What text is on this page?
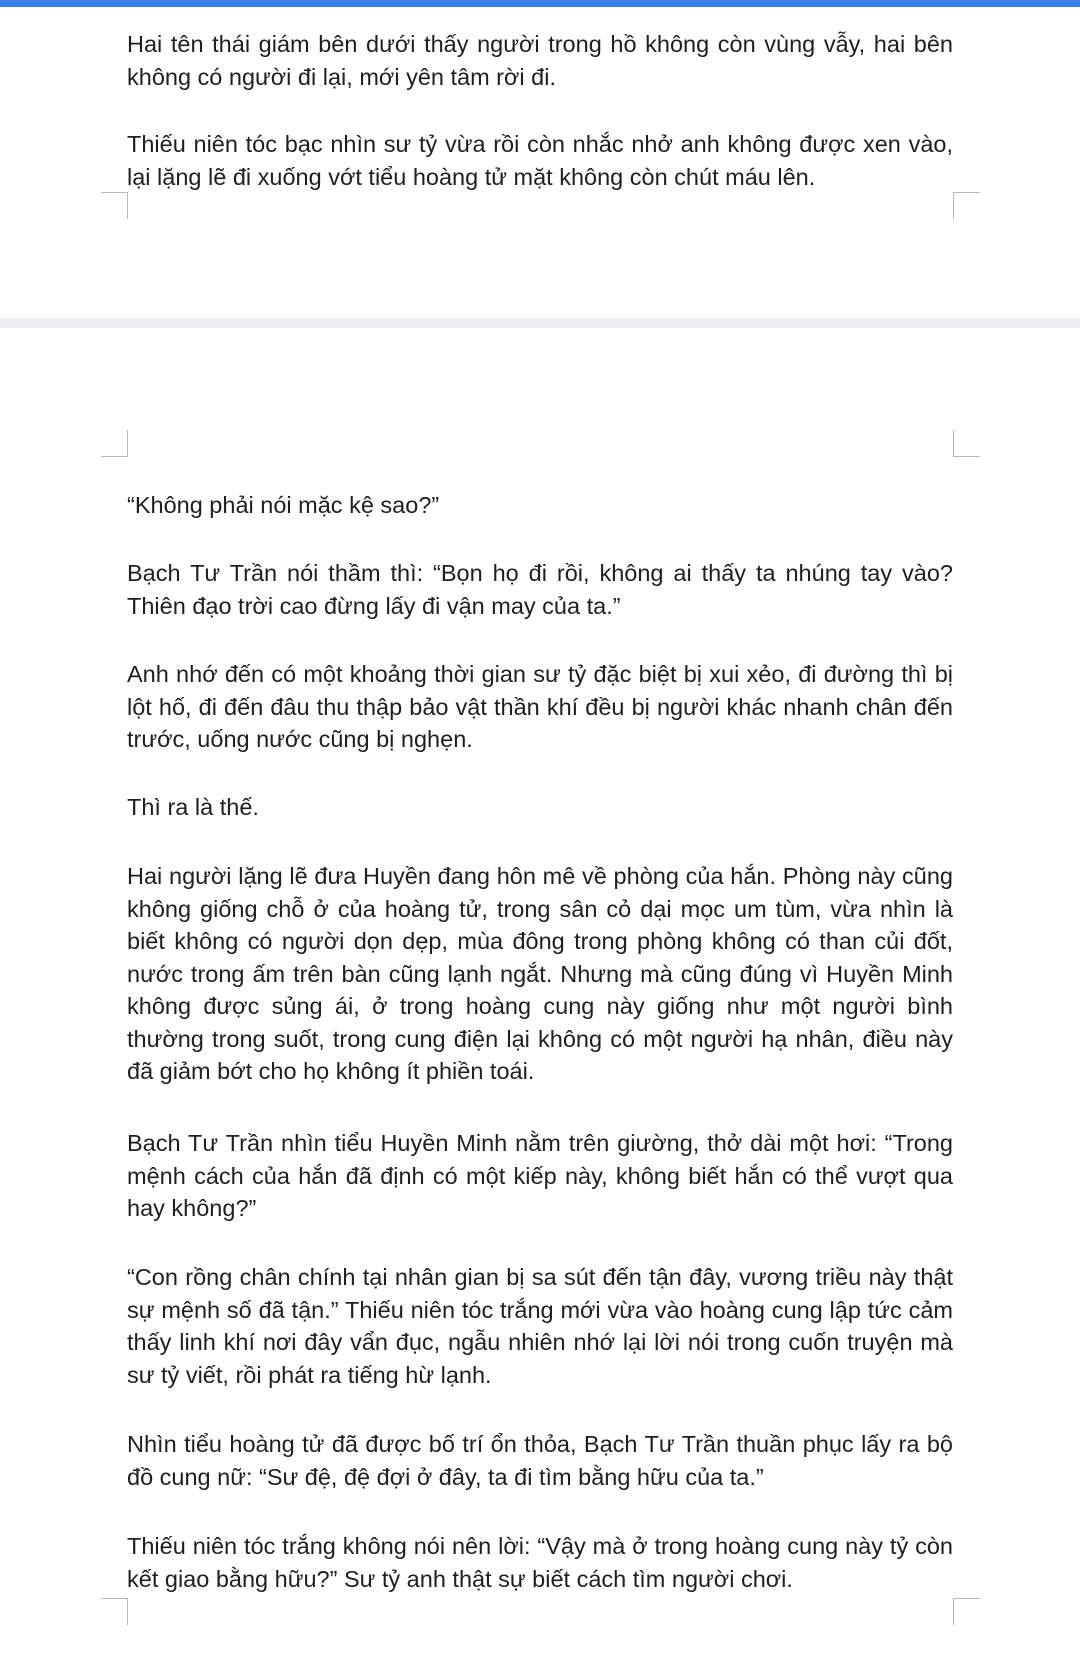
Hai tên thái giám bên dưới thấy người trong hồ không còn vùng vẫy, hai bên không có người đi lại, mới yên tâm rời đi.

Thiếu niên tóc bạc nhìn sư tỷ vừa rồi còn nhắc nhở anh không được xen vào, lại lặng lẽ đi xuống vớt tiểu hoàng tử mặt không còn chút máu lên.

“Không phải nói mặc kệ sao?”

Bạch Tư Trần nói thầm thì: “Bọn họ đi rồi, không ai thấy ta nhúng tay vào? Thiên đạo trời cao đừng lấy đi vận may của ta.”

Anh nhớ đến có một khoảng thời gian sư tỷ đặc biệt bị xui xẻo, đi đường thì bị lột hố, đi đến đâu thu thập bảo vật thần khí đều bị người khác nhanh chân đến trước, uống nước cũng bị nghẹn.

Thì ra là thế.

Hai người lặng lẽ đưa Huyền đang hôn mê về phòng của hắn. Phòng này cũng không giống chỗ ở của hoàng tử, trong sân cỏ dại mọc um tùm, vừa nhìn là biết không có người dọn dẹp, mùa đông trong phòng không có than củi đốt, nước trong ấm trên bàn cũng lạnh ngắt. Nhưng mà cũng đúng vì Huyền Minh không được sủng ái, ở trong hoàng cung này giống như một người bình thường trong suốt, trong cung điện lại không có một người hạ nhân, điều này đã giảm bớt cho họ không ít phiền toái.

Bạch Tư Trần nhìn tiểu Huyền Minh nằm trên giường, thở dài một hơi: “Trong mệnh cách của hắn đã định có một kiếp này, không biết hắn có thể vượt qua hay không?”

“Con rồng chân chính tại nhân gian bị sa sút đến tận đây, vương triều này thật sự mệnh số đã tận.” Thiếu niên tóc trắng mới vừa vào hoàng cung lập tức cảm thấy linh khí nơi đây vẩn đục, ngẫu nhiên nhớ lại lời nói trong cuốn truyện mà sư tỷ viết, rồi phát ra tiếng hừ lạnh.

Nhìn tiểu hoàng tử đã được bố trí ổn thỏa, Bạch Tư Trần thuần phục lấy ra bộ đồ cung nữ: “Sư đệ, đệ đợi ở đây, ta đi tìm bằng hữu của ta.”

Thiếu niên tóc trắng không nói nên lời: “Vậy mà ở trong hoàng cung này tỷ còn kết giao bằng hữu?” Sư tỷ anh thật sự biết cách tìm người chơi.
